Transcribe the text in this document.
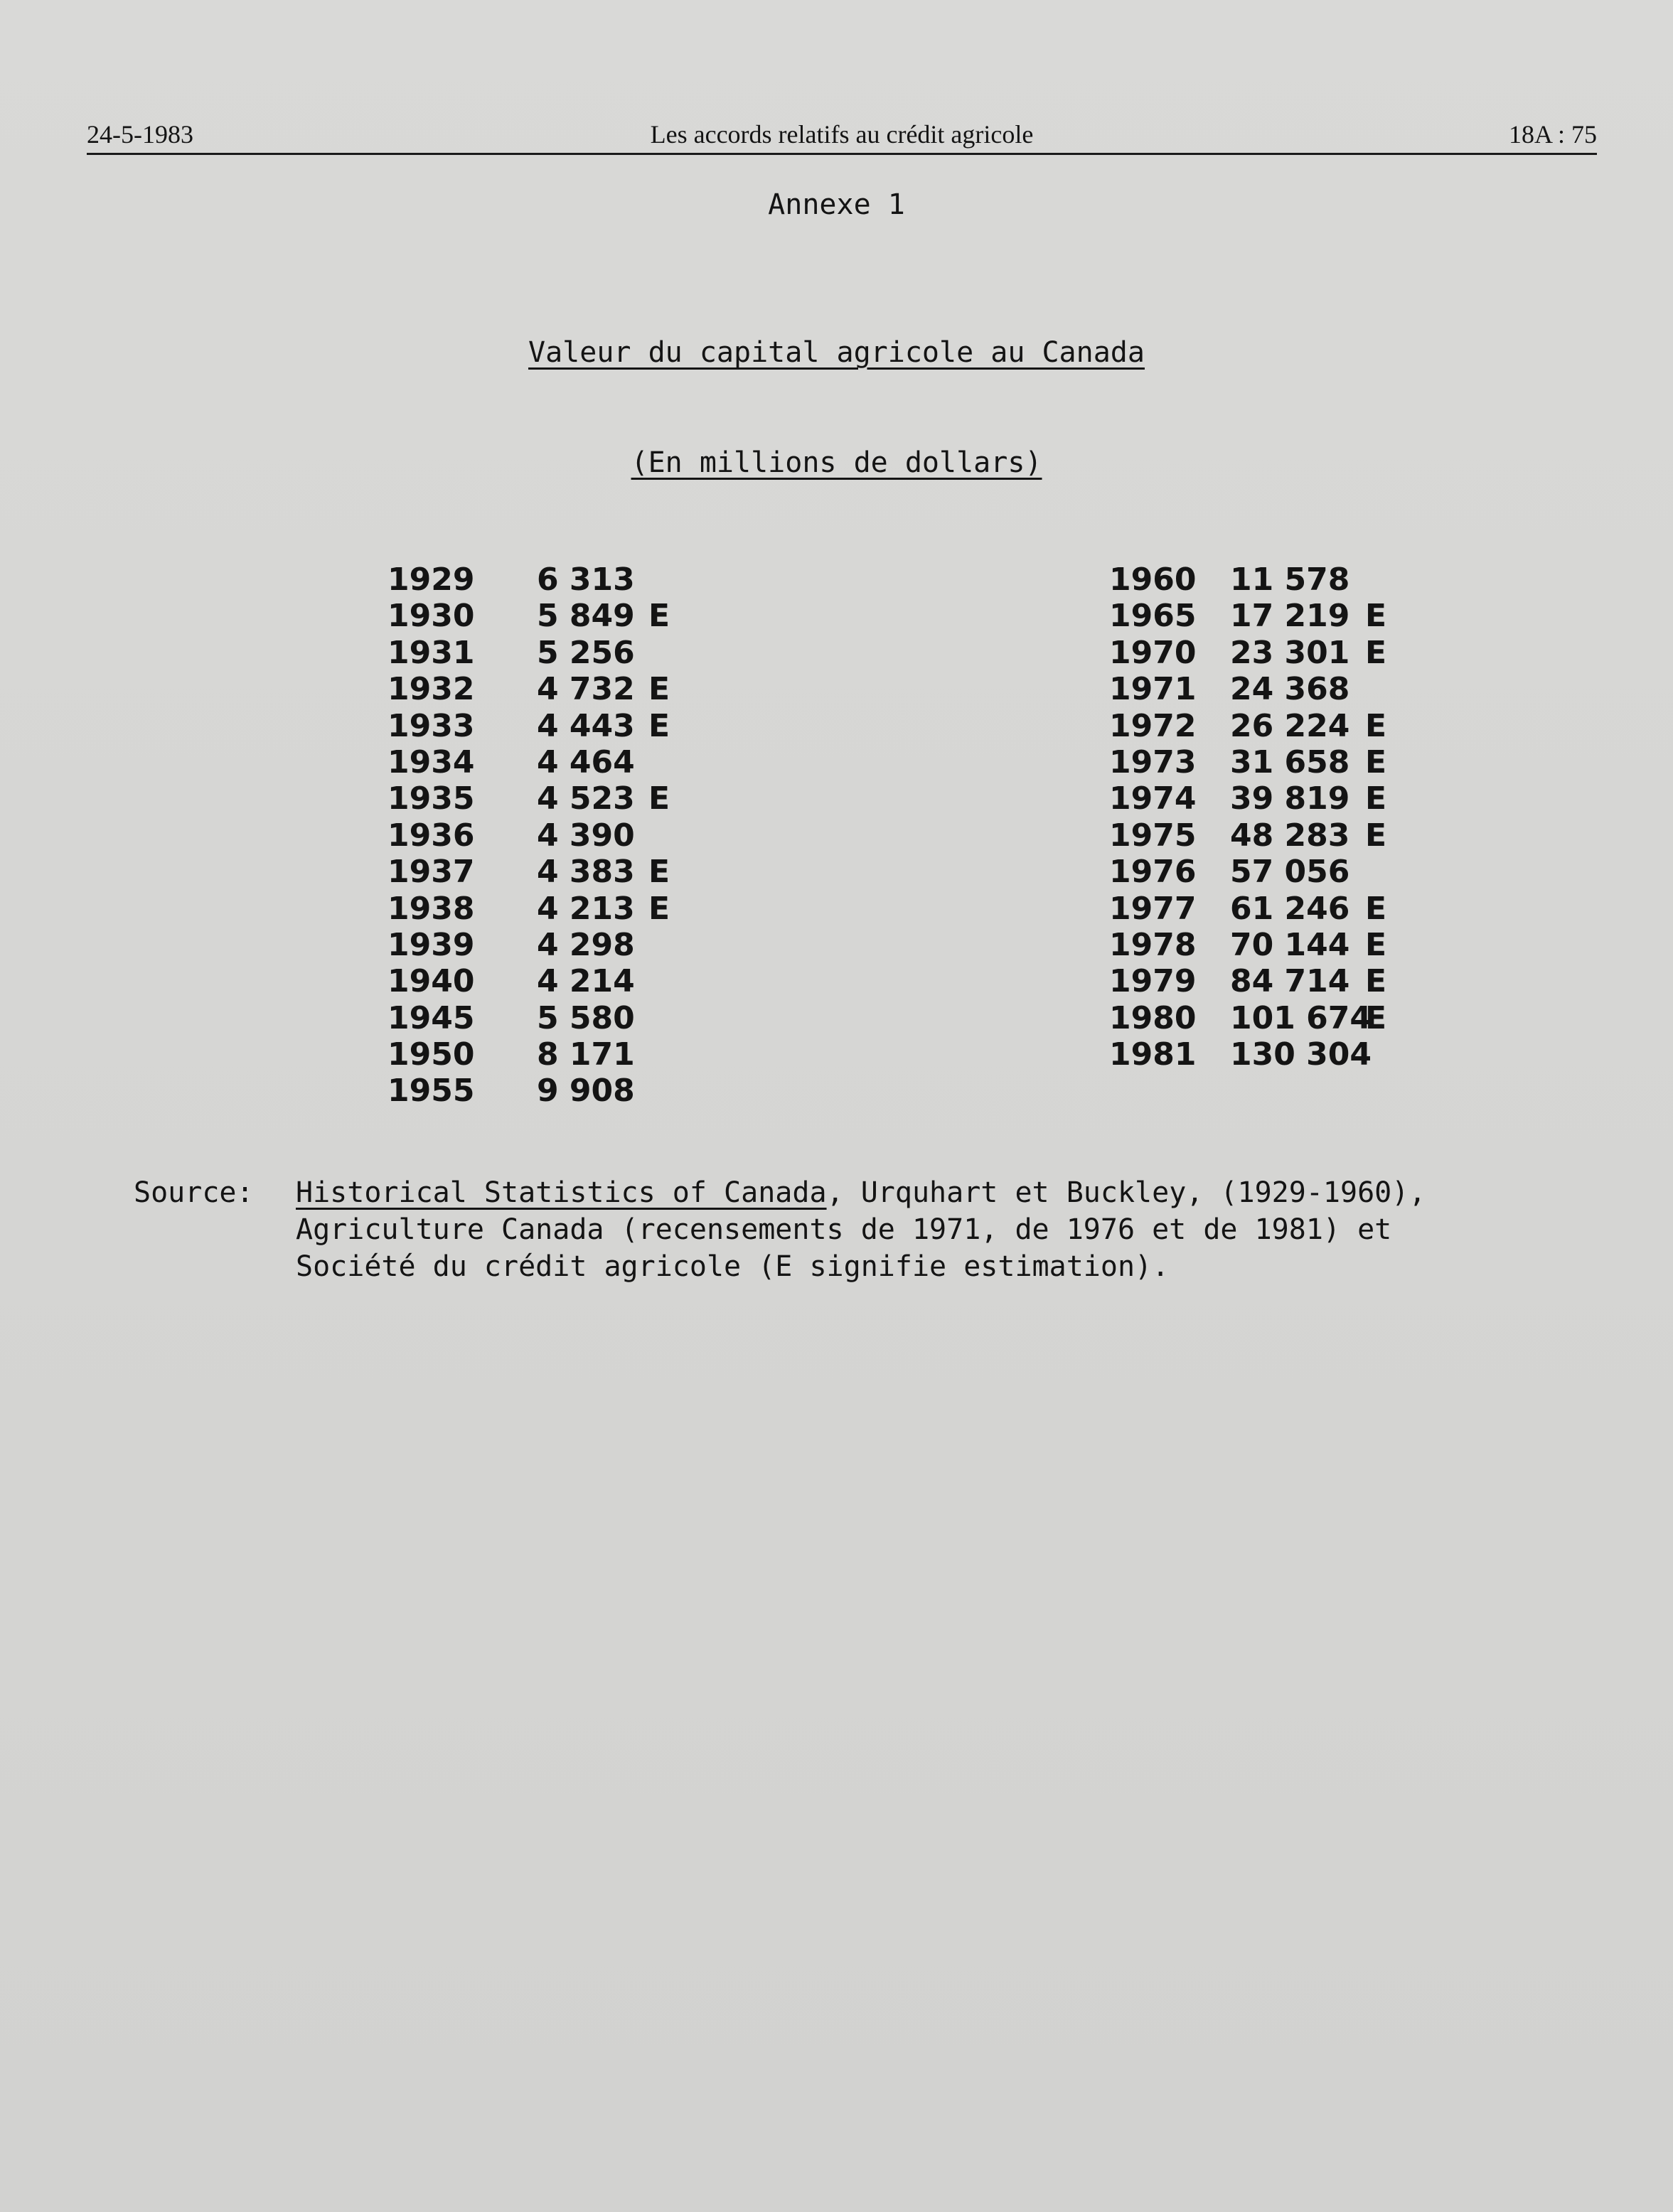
24-5-1983	Les accords relatifs au crédit agricole	18A : 75
Annexe 1
Valeur du capital agricole au Canada
(En millions de dollars)
1929 6 313
1930 5 849 E
1931 5 256
1932 4 732 E
1933 4 443 E
1934 4 464
1935 4 523 E
1936 4 390
1937 4 383 E
1938 4 213 E
1939 4 298
1940 4 214
1945 5 580
1950 8 171
1955 9 908
1960 11 578
1965 17 219 E
1970 23 301 E
1971 24 368
1972 26 224 E
1973 31 658 E
1974 39 819 E
1975 48 283 E
1976 57 056
1977 61 246 E
1978 70 144 E
1979 84 714 E
1980 101 674
E
1981 130 304
Source: Historical Statistics of Canada, Urquhart et Buckley, (1929-1960),
Agriculture Canada (recensements de 1971, de 1976 et de 1981) et
Société du crédit agricole (E signifie estimation).
